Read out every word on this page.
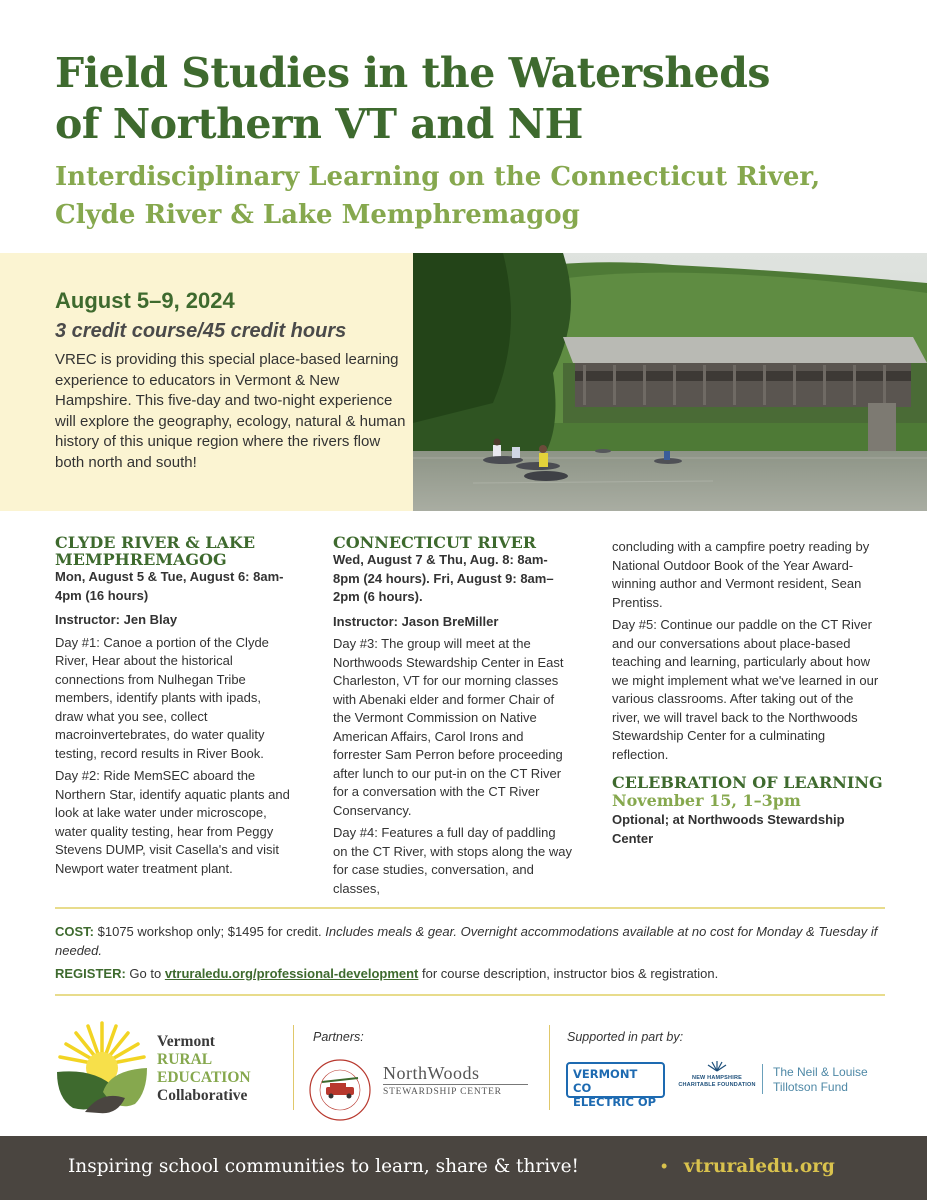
Field Studies in the Watersheds
of Northern VT and NH
Interdisciplinary Learning on the Connecticut River,
Clyde River & Lake Memphremagog
August 5–9, 2024
3 credit course/45 credit hours
VREC is providing this special place-based learning experience to educators in Vermont & New Hampshire. This five-day and two-night experience will explore the geography, ecology, natural & human history of this unique region where the rivers flow both north and south!
CLYDE RIVER & LAKE MEMPHREMAGOG
Mon, August 5 & Tue, August 6: 8am-4pm (16 hours)
Instructor: Jen Blay

Day #1: Canoe a portion of the Clyde River, Hear about the historical connections from Nulhegan Tribe members, identify plants with ipads, draw what you see, collect macroinvertebrates, do water quality testing, record results in River Book.

Day #2: Ride MemSEC aboard the Northern Star, identify aquatic plants and look at lake water under microscope, water quality testing, hear from Peggy Stevens DUMP, visit Casella's and visit Newport water treatment plant.

CONNECTICUT RIVER
Wed, August 7 & Thu, Aug. 8: 8am-8pm (24 hours). Fri, August 9: 8am–2pm (6 hours).
Instructor: Jason BreMiller

Day #3: The group will meet at the Northwoods Stewardship Center in East Charleston, VT for our morning classes with Abenaki elder and former Chair of the Vermont Commission on Native American Affairs, Carol Irons and forrester Sam Perron before proceeding after lunch to our put-in on the CT River for a conversation with the CT River Conservancy.

Day #4: Features a full day of paddling on the CT River, with stops along the way for case studies, conversation, and classes,

concluding with a campfire poetry reading by National Outdoor Book of the Year Award-winning author and Vermont resident, Sean Prentiss.

Day #5: Continue our paddle on the CT River and our conversations about place-based teaching and learning, particularly about how we might implement what we've learned in our various classrooms. After taking out of the river, we will travel back to the Northwoods Stewardship Center for a culminating reflection.

CELEBRATION OF LEARNING
November 15, 1–3pm
Optional; at Northwoods Stewardship Center
COST: $1075 workshop only; $1495 for credit. Includes meals & gear. Overnight accommodations available at no cost for Monday & Tuesday if needed.
REGISTER: Go to vtruraledu.org/professional-development for course description, instructor bios & registration.
Vermont
RURAL
EDUCATION
Collaborative
Partners:
NorthWoods
STEWARDSHIP CENTER
Supported in part by:
VERMONT CO
ELECTRIC OP
NEW HAMPSHIRE
CHARITABLE FOUNDATION
The Neil & Louise
Tillotson Fund
Inspiring school communities to learn, share & thrive!	• vtruraledu.org
